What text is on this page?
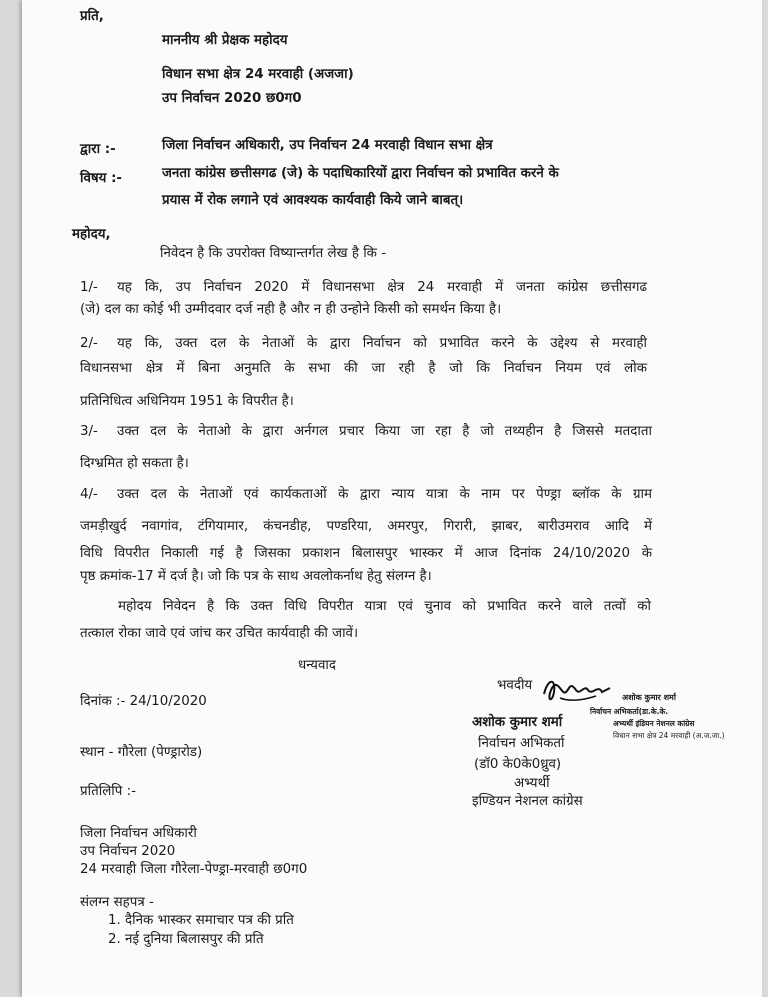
प्रति,
माननीय श्री प्रेक्षक महोदय
विधान सभा क्षेत्र 24 मरवाही (अजजा)
उप निर्वाचन 2020 छ0ग0
द्वारा :-	जिला निर्वाचन अधिकारी, उप निर्वाचन 24 मरवाही विधान सभा क्षेत्र
विषय :-	जनता कांग्रेस छत्तीसगढ (जे) के पदाधिकारियों द्वारा निर्वाचन को प्रभावित करने के
प्रयास में रोक लगाने एवं आवश्यक कार्यवाही किये जाने बाबत्।
महोदय,
निवेदन है कि उपरोक्त विष्यान्तर्गत लेख है कि -
1/- यह कि, उप निर्वाचन 2020 में विधानसभा क्षेत्र 24 मरवाही में जनता कांग्रेस छत्तीसगढ
(जे) दल का कोई भी उम्मीदवार दर्ज नही है और न ही उन्होने किसी को समर्थन किया है।
2/- यह कि, उक्त दल के नेताओं के द्वारा निर्वाचन को प्रभावित करने के उद्देश्य से मरवाही
विधानसभा क्षेत्र में बिना अनुमति के सभा की जा रही है जो कि निर्वाचन नियम एवं लोक
प्रतिनिधित्व अधिनियम 1951 के विपरीत है।
3/- उक्त दल के नेताओ के द्वारा अर्नगल प्रचार किया जा रहा है जो तथ्यहीन है जिससे मतदाता
दिग्भ्रमित हो सकता है।
4/- उक्त दल के नेताओं एवं कार्यकताओं के द्वारा न्याय यात्रा के नाम पर पेण्ड्रा ब्लॉक के ग्राम
जमड़ीखुर्द नवागांव, टंगियामार, कंचनडीह, पण्डरिया, अमरपुर, गिरारी, झाबर, बारीउमराव आदि में
विधि विपरीत निकाली गई है जिसका प्रकाशन बिलासपुर भास्कर में आज दिनांक 24/10/2020 के
पृष्ठ क्रमांक-17 में दर्ज है। जो कि पत्र के साथ अवलोकर्नाथ हेतु संलग्न है।
महोदय निवेदन है कि उक्त विधि विपरीत यात्रा एवं चुनाव को प्रभावित करने वाले तत्वों को
तत्काल रोका जावे एवं जांच कर उचित कार्यवाही की जावें।
धन्यवाद
दिनांक :- 24/10/2020
स्थान - गौरेला (पेण्ड्रारोड)
भवदीय
अशोक कुमार शर्मा
निर्वाचन अभिकर्ता
(डॉ0 के0के0ध्रुव)
अभ्यर्थी
इण्डियन नेशनल कांग्रेस
अशोक कुमार शर्मा
निर्वाचन अभिकर्ता(डा.के.के.
अभ्यर्थी इंडियन नेशनल कांग्रेस
विधान सभा क्षेत्र 24 मरवाही (अ.ज.जा.)
प्रतिलिपि :-
जिला निर्वाचन अधिकारी
उप निर्वाचन 2020
24 मरवाही जिला गौरेला-पेण्ड्रा-मरवाही छ0ग0
संलग्न सहपत्र -
1. दैनिक भास्कर समाचार पत्र की प्रति
2. नई दुनिया बिलासपुर की प्रति
